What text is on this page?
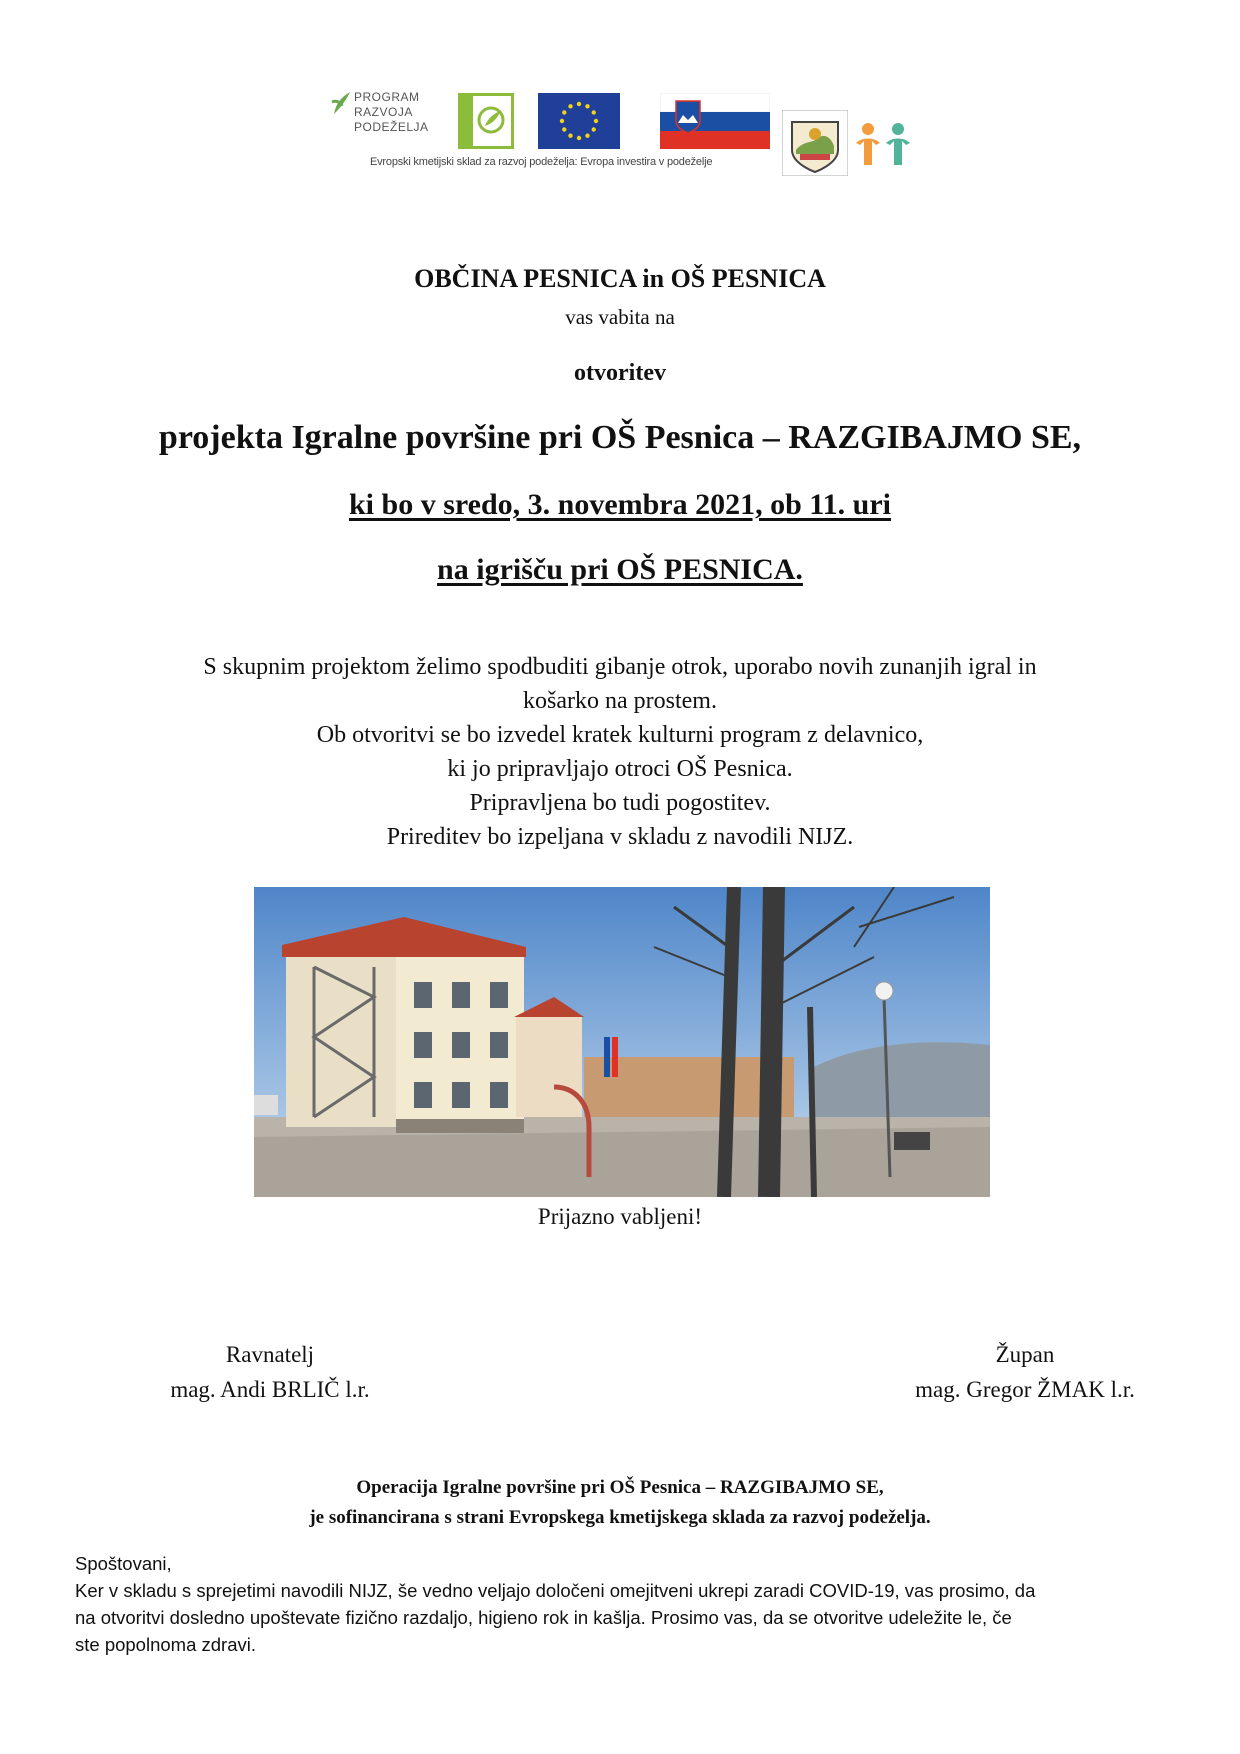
PROGRAM
RAZVOJA
PODEŽELJA
Evropski kmetijski sklad za razvoj podeželja: Evropa investira v podeželje
OBČINA PESNICA in OŠ PESNICA
vas vabita na
otvoritev
projekta Igralne površine pri OŠ Pesnica – RAZGIBAJMO SE,
ki bo v sredo, 3. novembra 2021, ob 11. uri
na igrišču pri OŠ PESNICA.
S skupnim projektom želimo spodbuditi gibanje otrok, uporabo novih zunanjih igral in
košarko na prostem.
Ob otvoritvi se bo izvedel kratek kulturni program z delavnico,
ki jo pripravljajo otroci OŠ Pesnica.
Pripravljena bo tudi pogostitev.
Prireditev bo izpeljana v skladu z navodili NIJZ.
Prijazno vabljeni!
Ravnatelj
mag. Andi BRLIČ l.r.
Župan
mag. Gregor ŽMAK l.r.
Operacija Igralne površine pri OŠ Pesnica – RAZGIBAJMO SE,
je sofinancirana s strani Evropskega kmetijskega sklada za razvoj podeželja.
Spoštovani,
Ker v skladu s sprejetimi navodili NIJZ, še vedno veljajo določeni omejitveni ukrepi zaradi COVID-19, vas prosimo, da
na otvoritvi dosledno upoštevate fizično razdaljo, higieno rok in kašlja. Prosimo vas, da se otvoritve udeležite le, če
ste popolnoma zdravi.
